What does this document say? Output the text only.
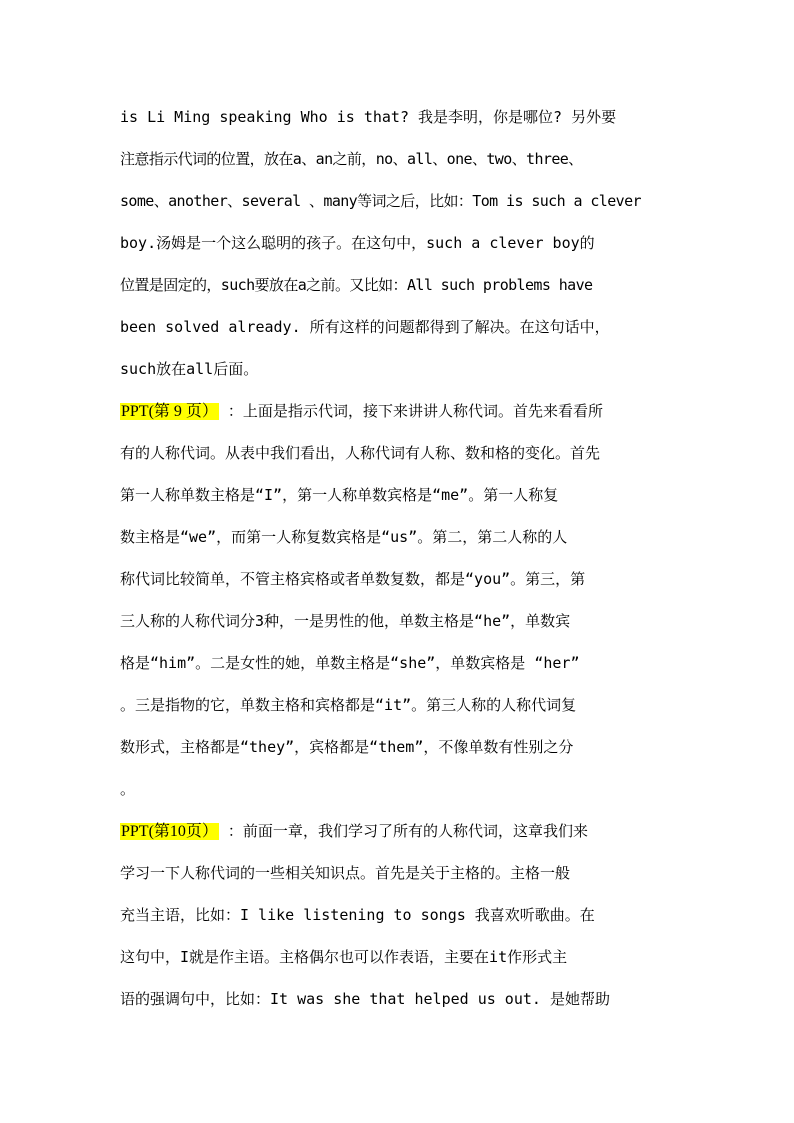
is Li Ming speaking Who is that? 我是李明，你是哪位? 另外要
注意指示代词的位置，放在a、an之前，no、all、one、two、three、
some、another、several 、many等词之后，比如：Tom is such a clever
boy.汤姆是一个这么聪明的孩子。在这句中，such a clever boy的
位置是固定的，such要放在a之前。又比如：All such problems have
been solved already. 所有这样的问题都得到了解决。在这句话中，
such放在all后面。
PPT(第 9 页） ：上面是指示代词，接下来讲讲人称代词。首先来看看所
有的人称代词。从表中我们看出，人称代词有人称、数和格的变化。首先
第一人称单数主格是“I”，第一人称单数宾格是“me”。第一人称复
数主格是“we”，而第一人称复数宾格是“us”。第二，第二人称的人
称代词比较简单，不管主格宾格或者单数复数，都是“you”。第三，第
三人称的人称代词分3种，一是男性的他，单数主格是“he”，单数宾
格是“him”。二是女性的她，单数主格是“she”，单数宾格是 “her”
。三是指物的它，单数主格和宾格都是“it”。第三人称的人称代词复
数形式，主格都是“they”，宾格都是“them”，不像单数有性别之分
。
PPT(第10页） ：前面一章，我们学习了所有的人称代词，这章我们来
学习一下人称代词的一些相关知识点。首先是关于主格的。主格一般
充当主语，比如：I like listening to songs 我喜欢听歌曲。在
这句中，I就是作主语。主格偶尔也可以作表语，主要在it作形式主
语的强调句中，比如：It was she that helped us out. 是她帮助
